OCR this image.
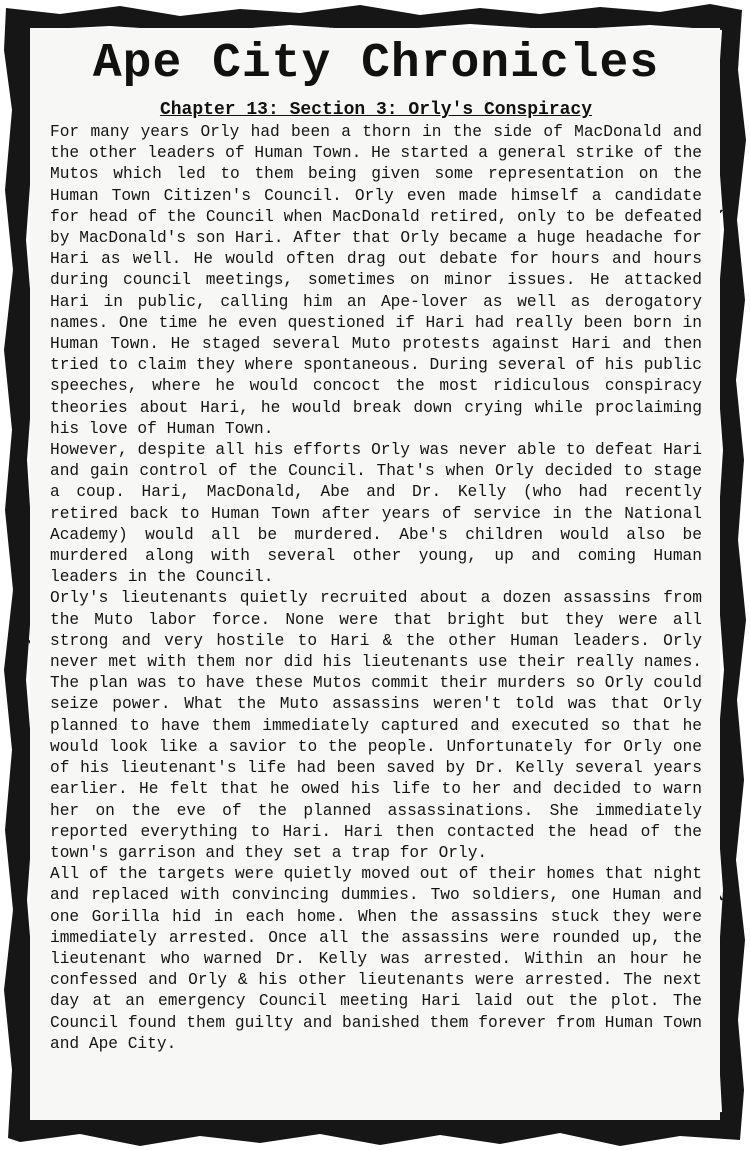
Ape City Chronicles
Chapter 13: Section 3: Orly's Conspiracy

For many years Orly had been a thorn in the side of MacDonald and the other leaders of Human Town. He started a general strike of the Mutos which led to them being given some representation on the Human Town Citizen's Council. Orly even made himself a candidate for head of the Council when MacDonald retired, only to be defeated by MacDonald's son Hari. After that Orly became a huge headache for Hari as well. He would often drag out debate for hours and hours during council meetings, sometimes on minor issues. He attacked Hari in public, calling him an Ape-lover as well as derogatory names. One time he even questioned if Hari had really been born in Human Town. He staged several Muto protests against Hari and then tried to claim they where spontaneous. During several of his public speeches, where he would concoct the most ridiculous conspiracy theories about Hari, he would break down crying while proclaiming his love of Human Town.

However, despite all his efforts Orly was never able to defeat Hari and gain control of the Council. That's when Orly decided to stage a coup. Hari, MacDonald, Abe and Dr. Kelly (who had recently retired back to Human Town after years of service in the National Academy) would all be murdered. Abe's children would also be murdered along with several other young, up and coming Human leaders in the Council.

Orly's lieutenants quietly recruited about a dozen assassins from the Muto labor force. None were that bright but they were all strong and very hostile to Hari & the other Human leaders. Orly never met with them nor did his lieutenants use their really names. The plan was to have these Mutos commit their murders so Orly could seize power. What the Muto assassins weren't told was that Orly planned to have them immediately captured and executed so that he would look like a savior to the people. Unfortunately for Orly one of his lieutenant's life had been saved by Dr. Kelly several years earlier. He felt that he owed his life to her and decided to warn her on the eve of the planned assassinations. She immediately reported everything to Hari. Hari then contacted the head of the town's garrison and they set a trap for Orly.

All of the targets were quietly moved out of their homes that night and replaced with convincing dummies. Two soldiers, one Human and one Gorilla hid in each home. When the assassins stuck they were immediately arrested. Once all the assassins were rounded up, the lieutenant who warned Dr. Kelly was arrested. Within an hour he confessed and Orly & his other lieutenants were arrested. The next day at an emergency Council meeting Hari laid out the plot. The Council found them guilty and banished them forever from Human Town and Ape City.
